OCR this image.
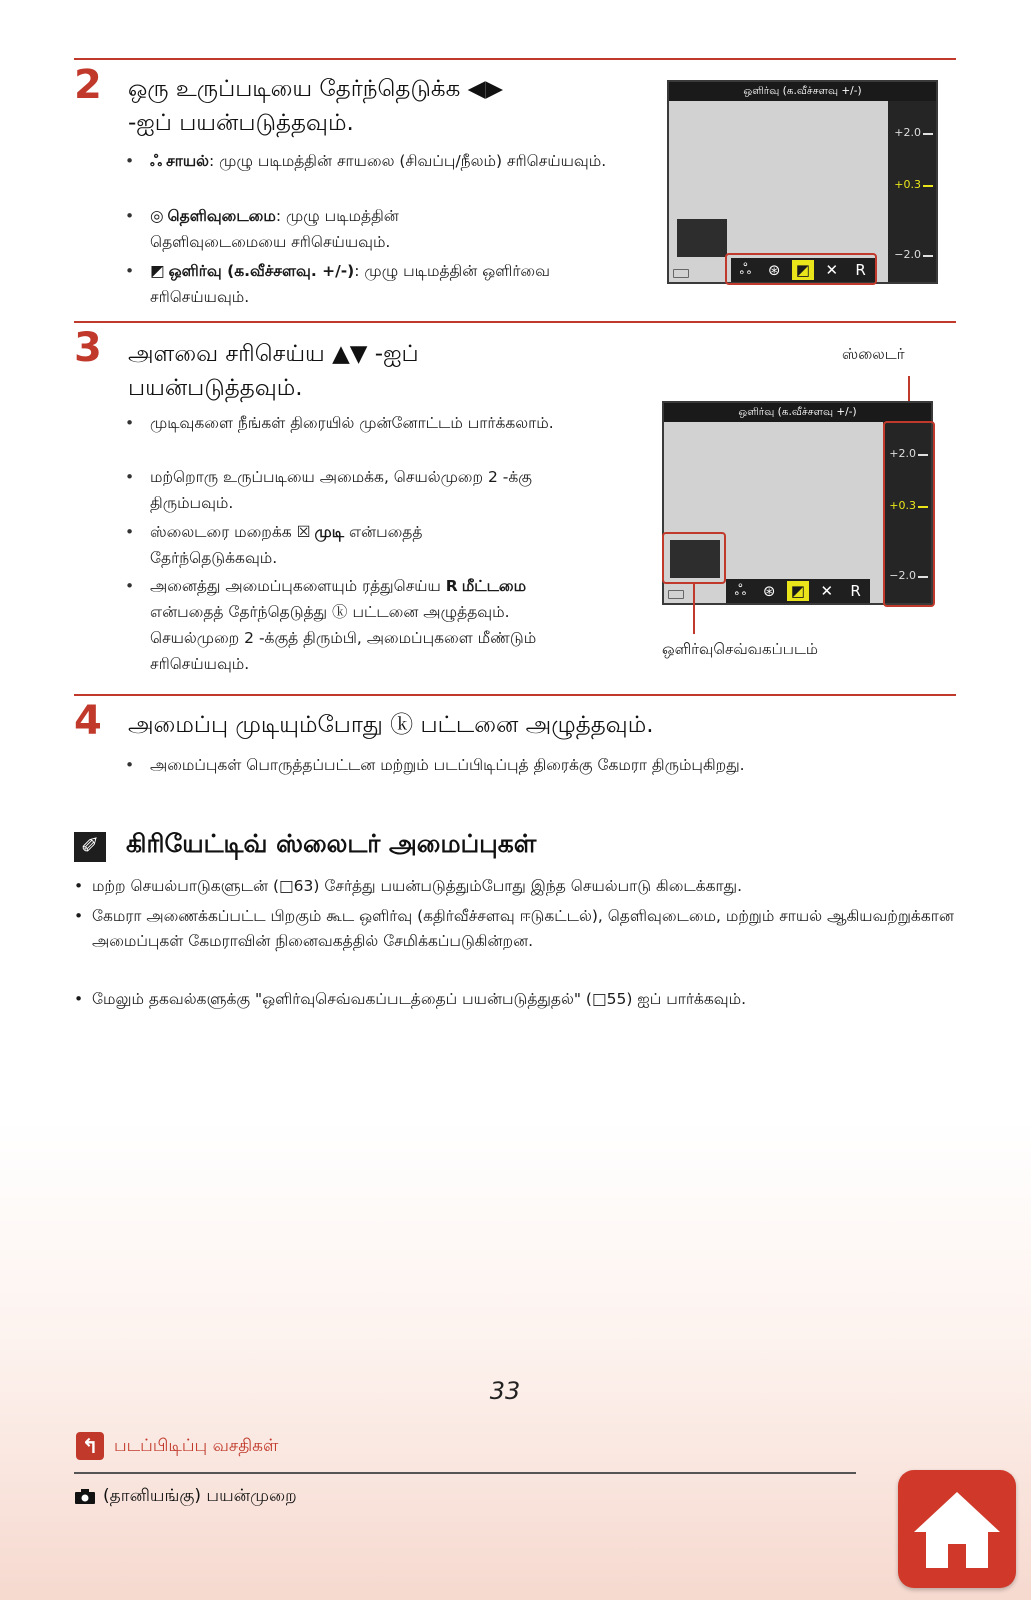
2 ஒரு உருப்படியை தேர்ந்தெடுக்க ◀▶
-ஐப் பயன்படுத்தவும்.
• ஃ சாயல்: முழு படிமத்தின் சாயலை (சிவப்பு/நீலம்) சரிசெய்யவும்.
• ◎ தெளிவுடைமை: முழு படிமத்தின் தெளிவுடைமையை சரிசெய்யவும்.
• ◩ ஒளிர்வு (க.வீச்சளவு. +/-): முழு படிமத்தின் ஒளிர்வை சரிசெய்யவும்.
ஒளிர்வு (க.வீச்சளவு +/-)
+2.0
+0.3
−2.0
ஃ	⊛	◩	✕	R
3 அளவை சரிசெய்ய ▲▼ -ஐப்
பயன்படுத்தவும்.
• முடிவுகளை நீங்கள் திரையில் முன்னோட்டம் பார்க்கலாம்.
• மற்றொரு உருப்படியை அமைக்க, செயல்முறை 2 -க்கு திரும்பவும்.
• ஸ்லைடரை மறைக்க ☒ முடி என்பதைத் தேர்ந்தெடுக்கவும்.
• அனைத்து அமைப்புகளையும் ரத்துசெய்ய R மீட்டமை என்பதைத் தேர்ந்தெடுத்து ⓚ பட்டனை அழுத்தவும். செயல்முறை 2 -க்குத் திரும்பி, அமைப்புகளை மீண்டும் சரிசெய்யவும்.
ஸ்லைடர்
ஒளிர்வு (க.வீச்சளவு +/-)
+2.0
+0.3
−2.0
ஃ	⊛	◩	✕	R
ஒளிர்வுசெவ்வகப்படம்
4 அமைப்பு முடியும்போது ⓚ பட்டனை அழுத்தவும்.
• அமைப்புகள் பொருத்தப்பட்டன மற்றும் படப்பிடிப்புத் திரைக்கு கேமரா திரும்புகிறது.
✐ கிரியேட்டிவ் ஸ்லைடர் அமைப்புகள்
• மற்ற செயல்பாடுகளுடன் (□63) சேர்த்து பயன்படுத்தும்போது இந்த செயல்பாடு கிடைக்காது.
• கேமரா அணைக்கப்பட்ட பிறகும் கூட ஒளிர்வு (கதிர்வீச்சளவு ஈடுகட்டல்), தெளிவுடைமை, மற்றும் சாயல் ஆகியவற்றுக்கான அமைப்புகள் கேமராவின் நினைவகத்தில் சேமிக்கப்படுகின்றன.
• மேலும் தகவல்களுக்கு "ஒளிர்வுசெவ்வகப்படத்தைப் பயன்படுத்துதல்" (□55) ஐப் பார்க்கவும்.
33
↰ படப்பிடிப்பு வசதிகள்
(தானியங்கு) பயன்முறை
